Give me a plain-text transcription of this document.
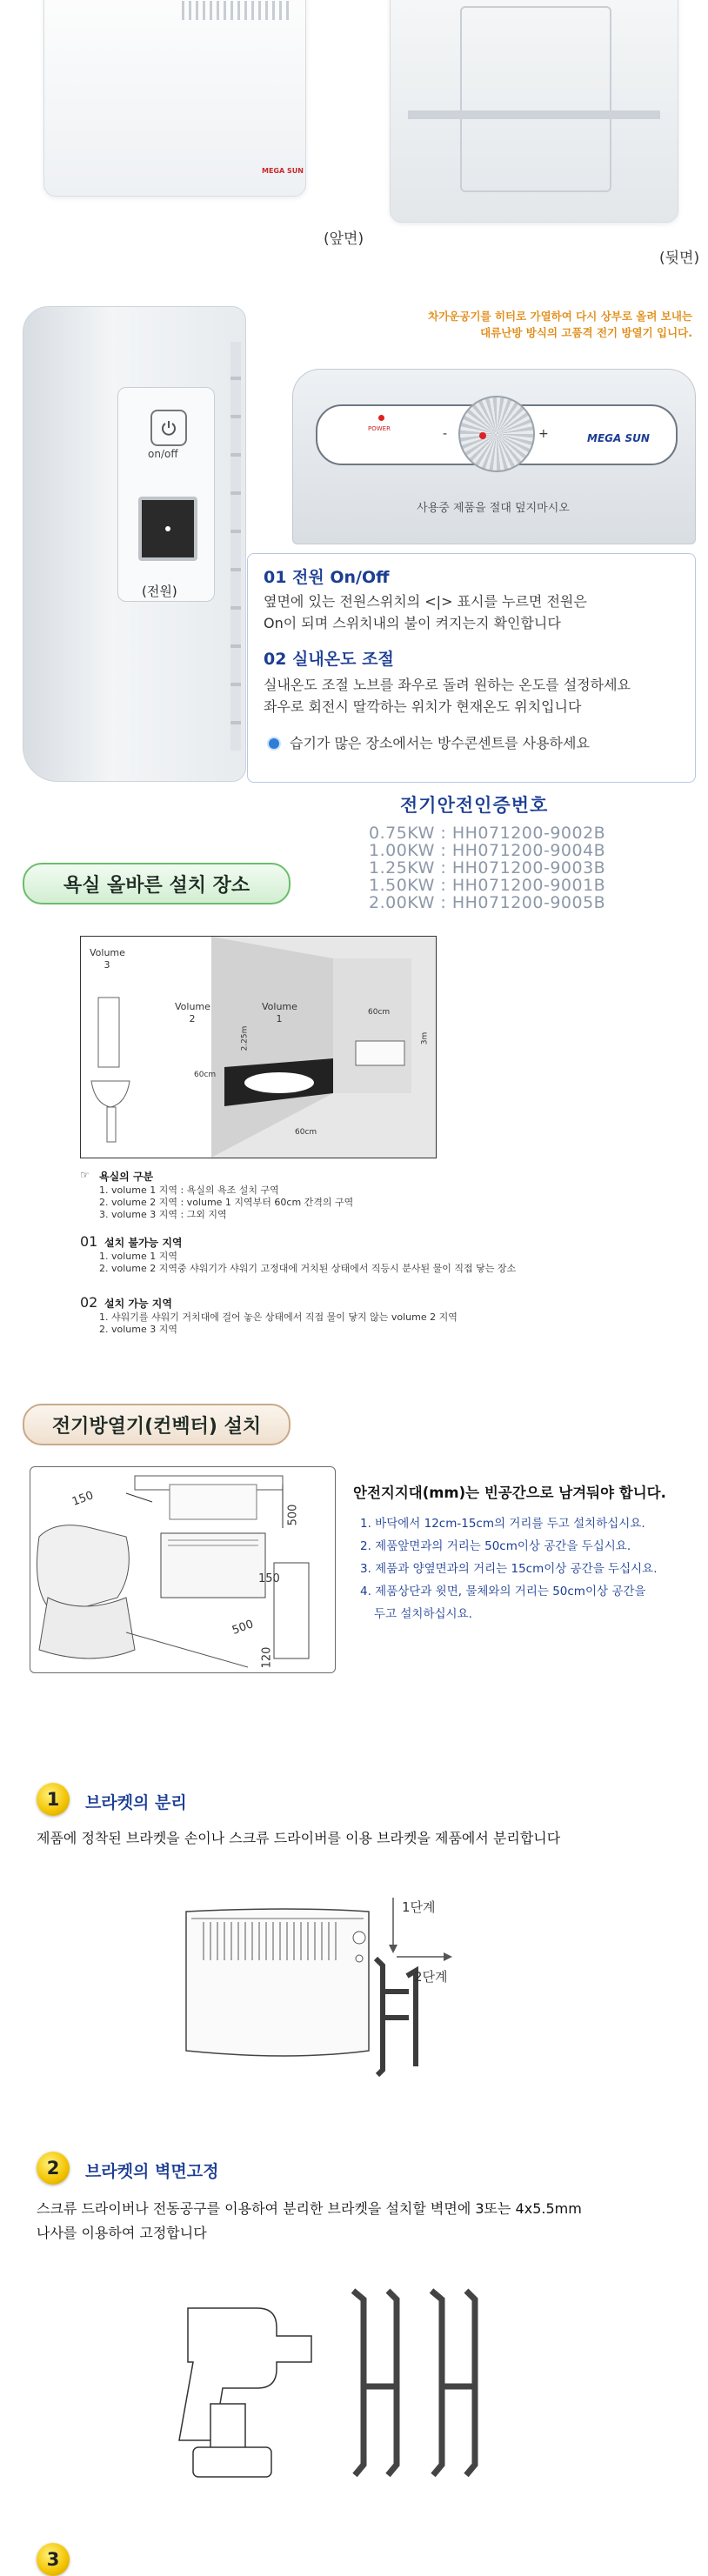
MEGA SUN
(앞면)
(뒷면)
on/off
(전원)
차가운공기를 히터로 가열하여 다시 상부로 올려 보내는
대류난방 방식의 고품격 전기 방열기 입니다.
POWER	-	+	MEGA SUN
사용중 제품을 절대 덮지마시오
01 전원 On/Off
옆면에 있는 전원스위치의 <|> 표시를 누르면 전원은
On이 되며 스위치내의 불이 켜지는지 확인합니다
02 실내온도 조절
실내온도 조절 노브를 좌우로 돌려 원하는 온도를 설정하세요
좌우로 회전시 딸깍하는 위치가 현재온도 위치입니다
습기가 많은 장소에서는 방수콘센트를 사용하세요
전기안전인증번호
0.75KW : HH071200-9002B
1.00KW : HH071200-9004B
1.25KW : HH071200-9003B
1.50KW : HH071200-9001B
2.00KW : HH071200-9005B
욕실 올바른 설치 장소
Volume 3
Volume 2
Volume 1
60cm
60cm
60cm
2.25m	3m
☞ 욕실의 구분
1. volume 1 지역 : 욕실의 욕조 설치 구역
2. volume 2 지역 : volume 1 지역부터 60cm 간격의 구역
3. volume 3 지역 : 그외 지역
01 설치 불가능 지역
1. volume 1 지역
2. volume 2 지역중 샤워기가 샤워기 고정대에 거치된 상태에서 직등시 분사된 물이 직접 닿는 장소
02 설치 가능 지역
1. 샤워기를 샤워기 거치대에 걸어 놓은 상태에서 직접 물이 닿지 않는 volume 2 지역
2. volume 3 지역
전기방열기(컨벡터) 설치
150
500
150
500
120
안전지지대(mm)는 빈공간으로 남겨둬야 합니다.
1. 바닥에서 12cm-15cm의 거리를 두고 설치하십시요.
2. 제품앞면과의 거리는 50cm이상 공간을 두십시요.
3. 제품과 양옆면과의 거리는 15cm이상 공간을 두십시요.
4. 제품상단과 윗면, 물체와의 거리는 50cm이상 공간을
두고 설치하십시요.
1	브라켓의 분리
제품에 정착된 브라켓을 손이나 스크류 드라이버를 이용 브라켓을 제품에서 분리합니다
1단계
2단계
2	브라켓의 벽면고정
스크류 드라이버나 전동공구를 이용하여 분리한 브라켓을 설치할 벽면에 3또는 4x5.5mm
나사를 이용하여 고정합니다
3
